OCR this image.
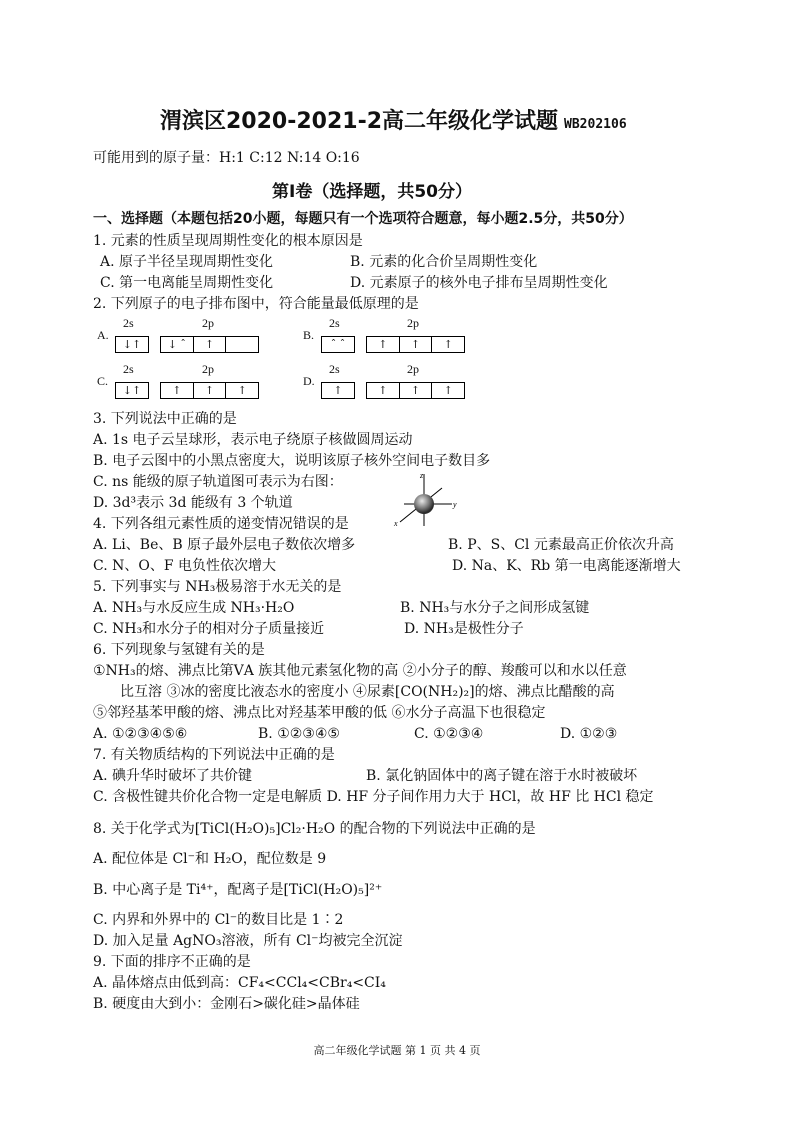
渭滨区2020-2021-2高二年级化学试题 WB202106
可能用到的原子量：H:1 C:12 N:14 O:16
第Ⅰ卷（选择题，共50分）
一、选择题（本题包括20小题，每题只有一个选项符合题意，每小题2.5分，共50分）
1. 元素的性质呈现周期性变化的根本原因是
A. 原子半径呈现周期性变化	B. 元素的化合价呈周期性变化
C. 第一电离能呈周期性变化	D. 元素原子的核外电子排布呈周期性变化
2. 下列原子的电子排布图中，符合能量最低原理的是
A.
2s	2p
↓↑	↓ ˆ	↑
B.
2s	2p
ˆ ˆ	↑	↑	↑
C.
2s	2p
↓↑	↑	↑	↑
D.
2s	2p
↑	↑	↑	↑
3. 下列说法中正确的是
A. 1s 电子云呈球形，表示电子绕原子核做圆周运动
B. 电子云图中的小黑点密度大，说明该原子核外空间电子数目多
C. ns 能级的原子轨道图可表示为右图：
D. 3d³表示 3d 能级有 3 个轨道
z
y
x
4. 下列各组元素性质的递变情况错误的是
A. Li、Be、B 原子最外层电子数依次增多	B. P、S、Cl 元素最高正价依次升高
C. N、O、F 电负性依次增大	D. Na、K、Rb 第一电离能逐渐增大
5. 下列事实与 NH₃极易溶于水无关的是
A. NH₃与水反应生成 NH₃·H₂O	B. NH₃与水分子之间形成氢键
C. NH₃和水分子的相对分子质量接近	D. NH₃是极性分子
6. 下列现象与氢键有关的是
①NH₃的熔、沸点比第ⅤA 族其他元素氢化物的高 ②小分子的醇、羧酸可以和水以任意
比互溶 ③冰的密度比液态水的密度小 ④尿素[CO(NH₂)₂]的熔、沸点比醋酸的高
⑤邻羟基苯甲酸的熔、沸点比对羟基苯甲酸的低 ⑥水分子高温下也很稳定
A. ①②③④⑤⑥	B. ①②③④⑤	C. ①②③④	D. ①②③
7. 有关物质结构的下列说法中正确的是
A. 碘升华时破坏了共价键	B. 氯化钠固体中的离子键在溶于水时被破坏
C. 含极性键共价化合物一定是电解质 D. HF 分子间作用力大于 HCl，故 HF 比 HCl 稳定
8. 关于化学式为[TiCl(H₂O)₅]Cl₂·H₂O 的配合物的下列说法中正确的是
A. 配位体是 Cl⁻和 H₂O，配位数是 9
B. 中心离子是 Ti⁴⁺，配离子是[TiCl(H₂O)₅]²⁺
C. 内界和外界中的 Cl⁻的数目比是 1∶2
D. 加入足量 AgNO₃溶液，所有 Cl⁻均被完全沉淀
9. 下面的排序不正确的是
A. 晶体熔点由低到高：CF₄<CCl₄<CBr₄<CI₄
B. 硬度由大到小：金刚石>碳化硅>晶体硅
高二年级化学试题 第 1 页 共 4 页
